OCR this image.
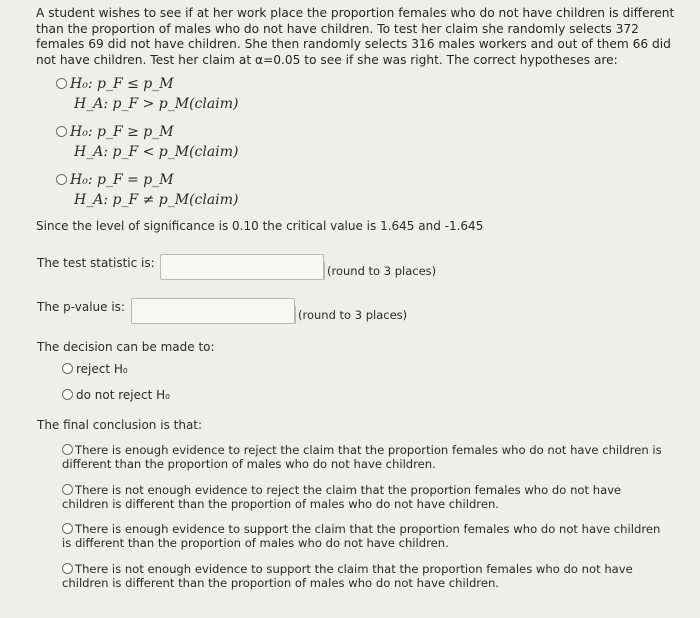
A student wishes to see if at her work place the proportion females who do not have children is different than the proportion of males who do not have children. To test her claim she randomly selects 372 females 69 did not have children. She then randomly selects 316 males workers and out of them 66 did not have children. Test her claim at α=0.05 to see if she was right. The correct hypotheses are:
H₀: p_F ≤ p_M
H_A: p_F > p_M(claim)
H₀: p_F ≥ p_M
H_A: p_F < p_M(claim)
H₀: p_F = p_M
H_A: p_F ≠ p_M(claim)
Since the level of significance is 0.10 the critical value is 1.645 and -1.645
The test statistic is:
(round to 3 places)
The p-value is:
(round to 3 places)
The decision can be made to:
reject H₀
do not reject H₀
The final conclusion is that:
There is enough evidence to reject the claim that the proportion females who do not have children is different than the proportion of males who do not have children.
There is not enough evidence to reject the claim that the proportion females who do not have children is different than the proportion of males who do not have children.
There is enough evidence to support the claim that the proportion females who do not have children is different than the proportion of males who do not have children.
There is not enough evidence to support the claim that the proportion females who do not have children is different than the proportion of males who do not have children.
